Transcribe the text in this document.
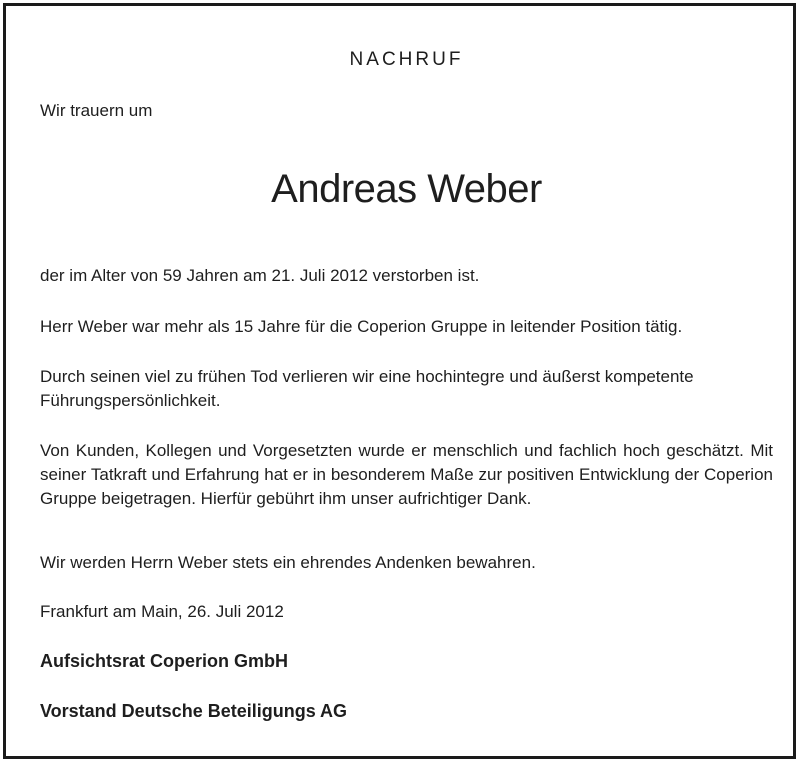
NACHRUF
Wir trauern um
Andreas Weber
der im Alter von 59 Jahren am 21. Juli 2012 verstorben ist.
Herr Weber war mehr als 15 Jahre für die Coperion Gruppe in leitender Position tätig.
Durch seinen viel zu frühen Tod verlieren wir eine hochintegre und äußerst kompetente Führungspersönlichkeit.
Von Kunden, Kollegen und Vorgesetzten wurde er menschlich und fachlich hoch geschätzt. Mit seiner Tatkraft und Erfahrung hat er in besonderem Maße zur positiven Entwicklung der Coperion Gruppe beigetragen. Hierfür gebührt ihm unser aufrichtiger Dank.
Wir werden Herrn Weber stets ein ehrendes Andenken bewahren.
Frankfurt am Main, 26. Juli 2012
Aufsichtsrat Coperion GmbH
Vorstand Deutsche Beteiligungs AG
